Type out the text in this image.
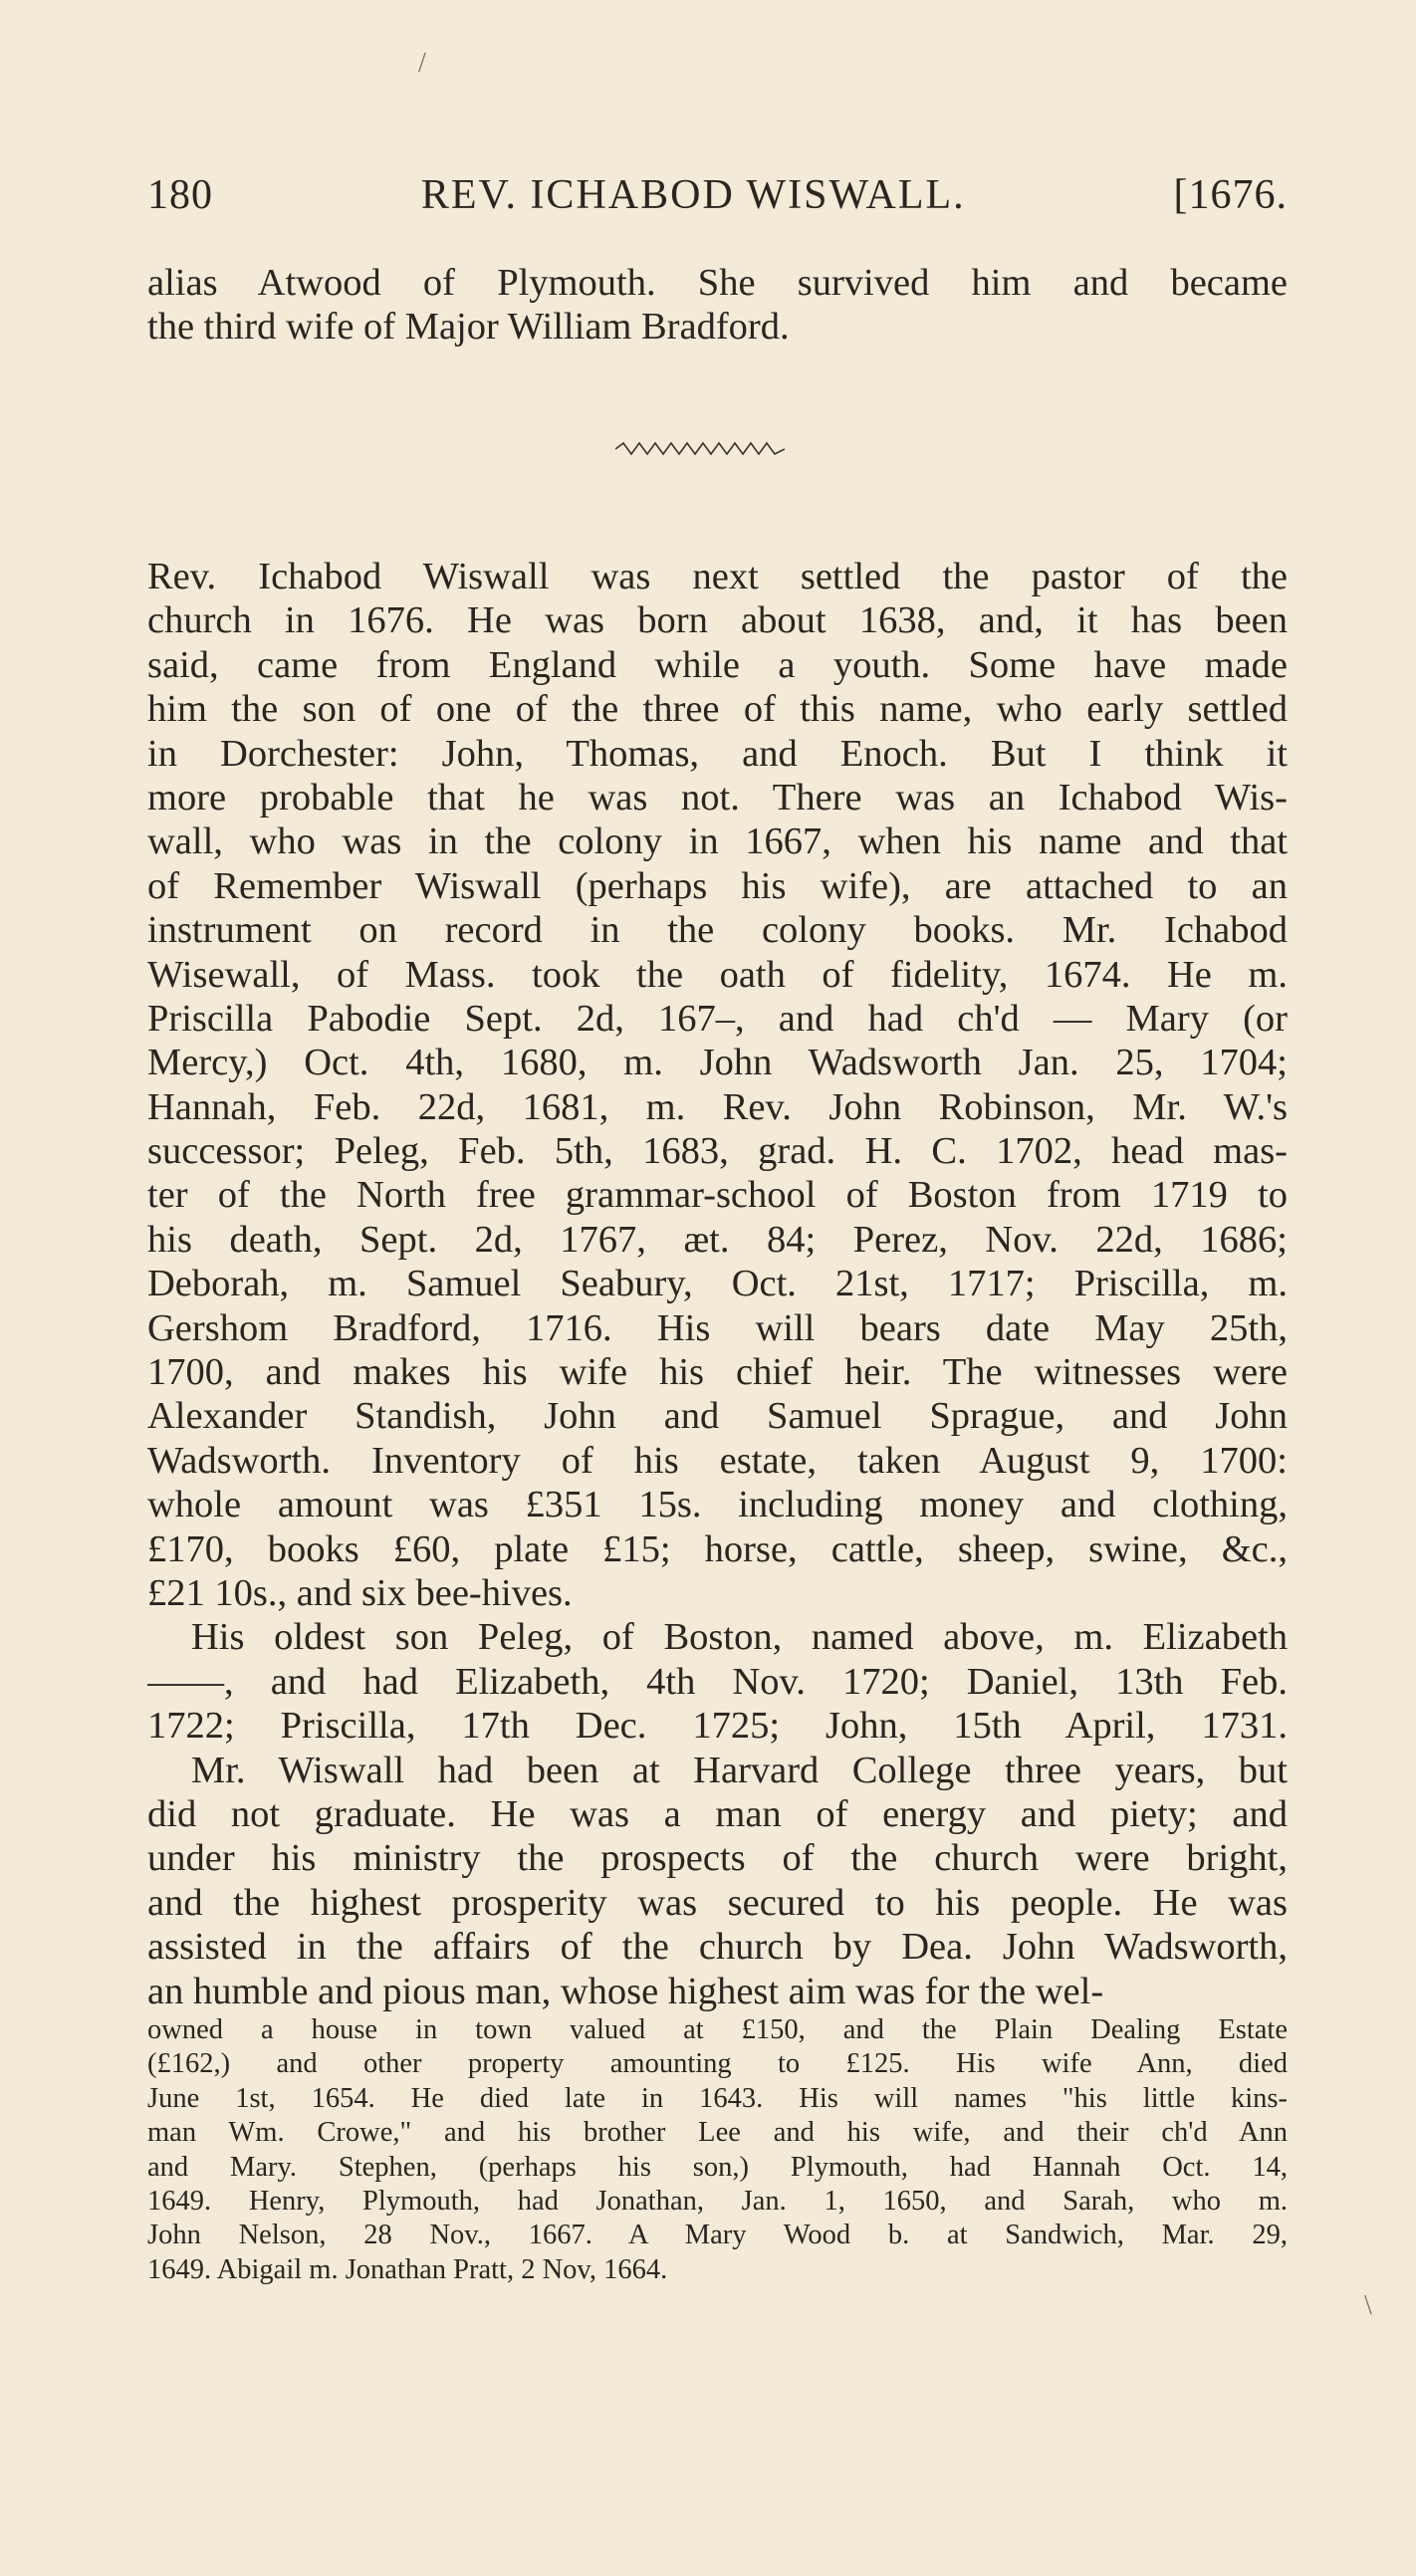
180	REV. ICHABOD WISWALL.	[1676.
alias Atwood of Plymouth. She survived him and became
the third wife of Major William Bradford.
Rev. Ichabod Wiswall was next settled the pastor of the
church in 1676. He was born about 1638, and, it has been
said, came from England while a youth. Some have made
him the son of one of the three of this name, who early settled
in Dorchester: John, Thomas, and Enoch. But I think it
more probable that he was not. There was an Ichabod Wis-
wall, who was in the colony in 1667, when his name and that
of Remember Wiswall (perhaps his wife), are attached to an
instrument on record in the colony books. Mr. Ichabod
Wisewall, of Mass. took the oath of fidelity, 1674. He m.
Priscilla Pabodie Sept. 2d, 167–, and had ch'd — Mary (or
Mercy,) Oct. 4th, 1680, m. John Wadsworth Jan. 25, 1704;
Hannah, Feb. 22d, 1681, m. Rev. John Robinson, Mr. W.'s
successor; Peleg, Feb. 5th, 1683, grad. H. C. 1702, head mas-
ter of the North free grammar-school of Boston from 1719 to
his death, Sept. 2d, 1767, æt. 84; Perez, Nov. 22d, 1686;
Deborah, m. Samuel Seabury, Oct. 21st, 1717; Priscilla, m.
Gershom Bradford, 1716. His will bears date May 25th,
1700, and makes his wife his chief heir. The witnesses were
Alexander Standish, John and Samuel Sprague, and John
Wadsworth. Inventory of his estate, taken August 9, 1700:
whole amount was £351 15s. including money and clothing,
£170, books £60, plate £15; horse, cattle, sheep, swine, &c.,
£21 10s., and six bee-hives.
His oldest son Peleg, of Boston, named above, m. Elizabeth
——, and had Elizabeth, 4th Nov. 1720; Daniel, 13th Feb.
1722; Priscilla, 17th Dec. 1725; John, 15th April, 1731.
Mr. Wiswall had been at Harvard College three years, but
did not graduate. He was a man of energy and piety; and
under his ministry the prospects of the church were bright,
and the highest prosperity was secured to his people. He was
assisted in the affairs of the church by Dea. John Wadsworth,
an humble and pious man, whose highest aim was for the wel-
owned a house in town valued at £150, and the Plain Dealing Estate
(£162,) and other property amounting to £125. His wife Ann, died
June 1st, 1654. He died late in 1643. His will names "his little kins-
man Wm. Crowe," and his brother Lee and his wife, and their ch'd Ann
and Mary. Stephen, (perhaps his son,) Plymouth, had Hannah Oct. 14,
1649. Henry, Plymouth, had Jonathan, Jan. 1, 1650, and Sarah, who m.
John Nelson, 28 Nov., 1667. A Mary Wood b. at Sandwich, Mar. 29,
1649. Abigail m. Jonathan Pratt, 2 Nov, 1664.
/
\
